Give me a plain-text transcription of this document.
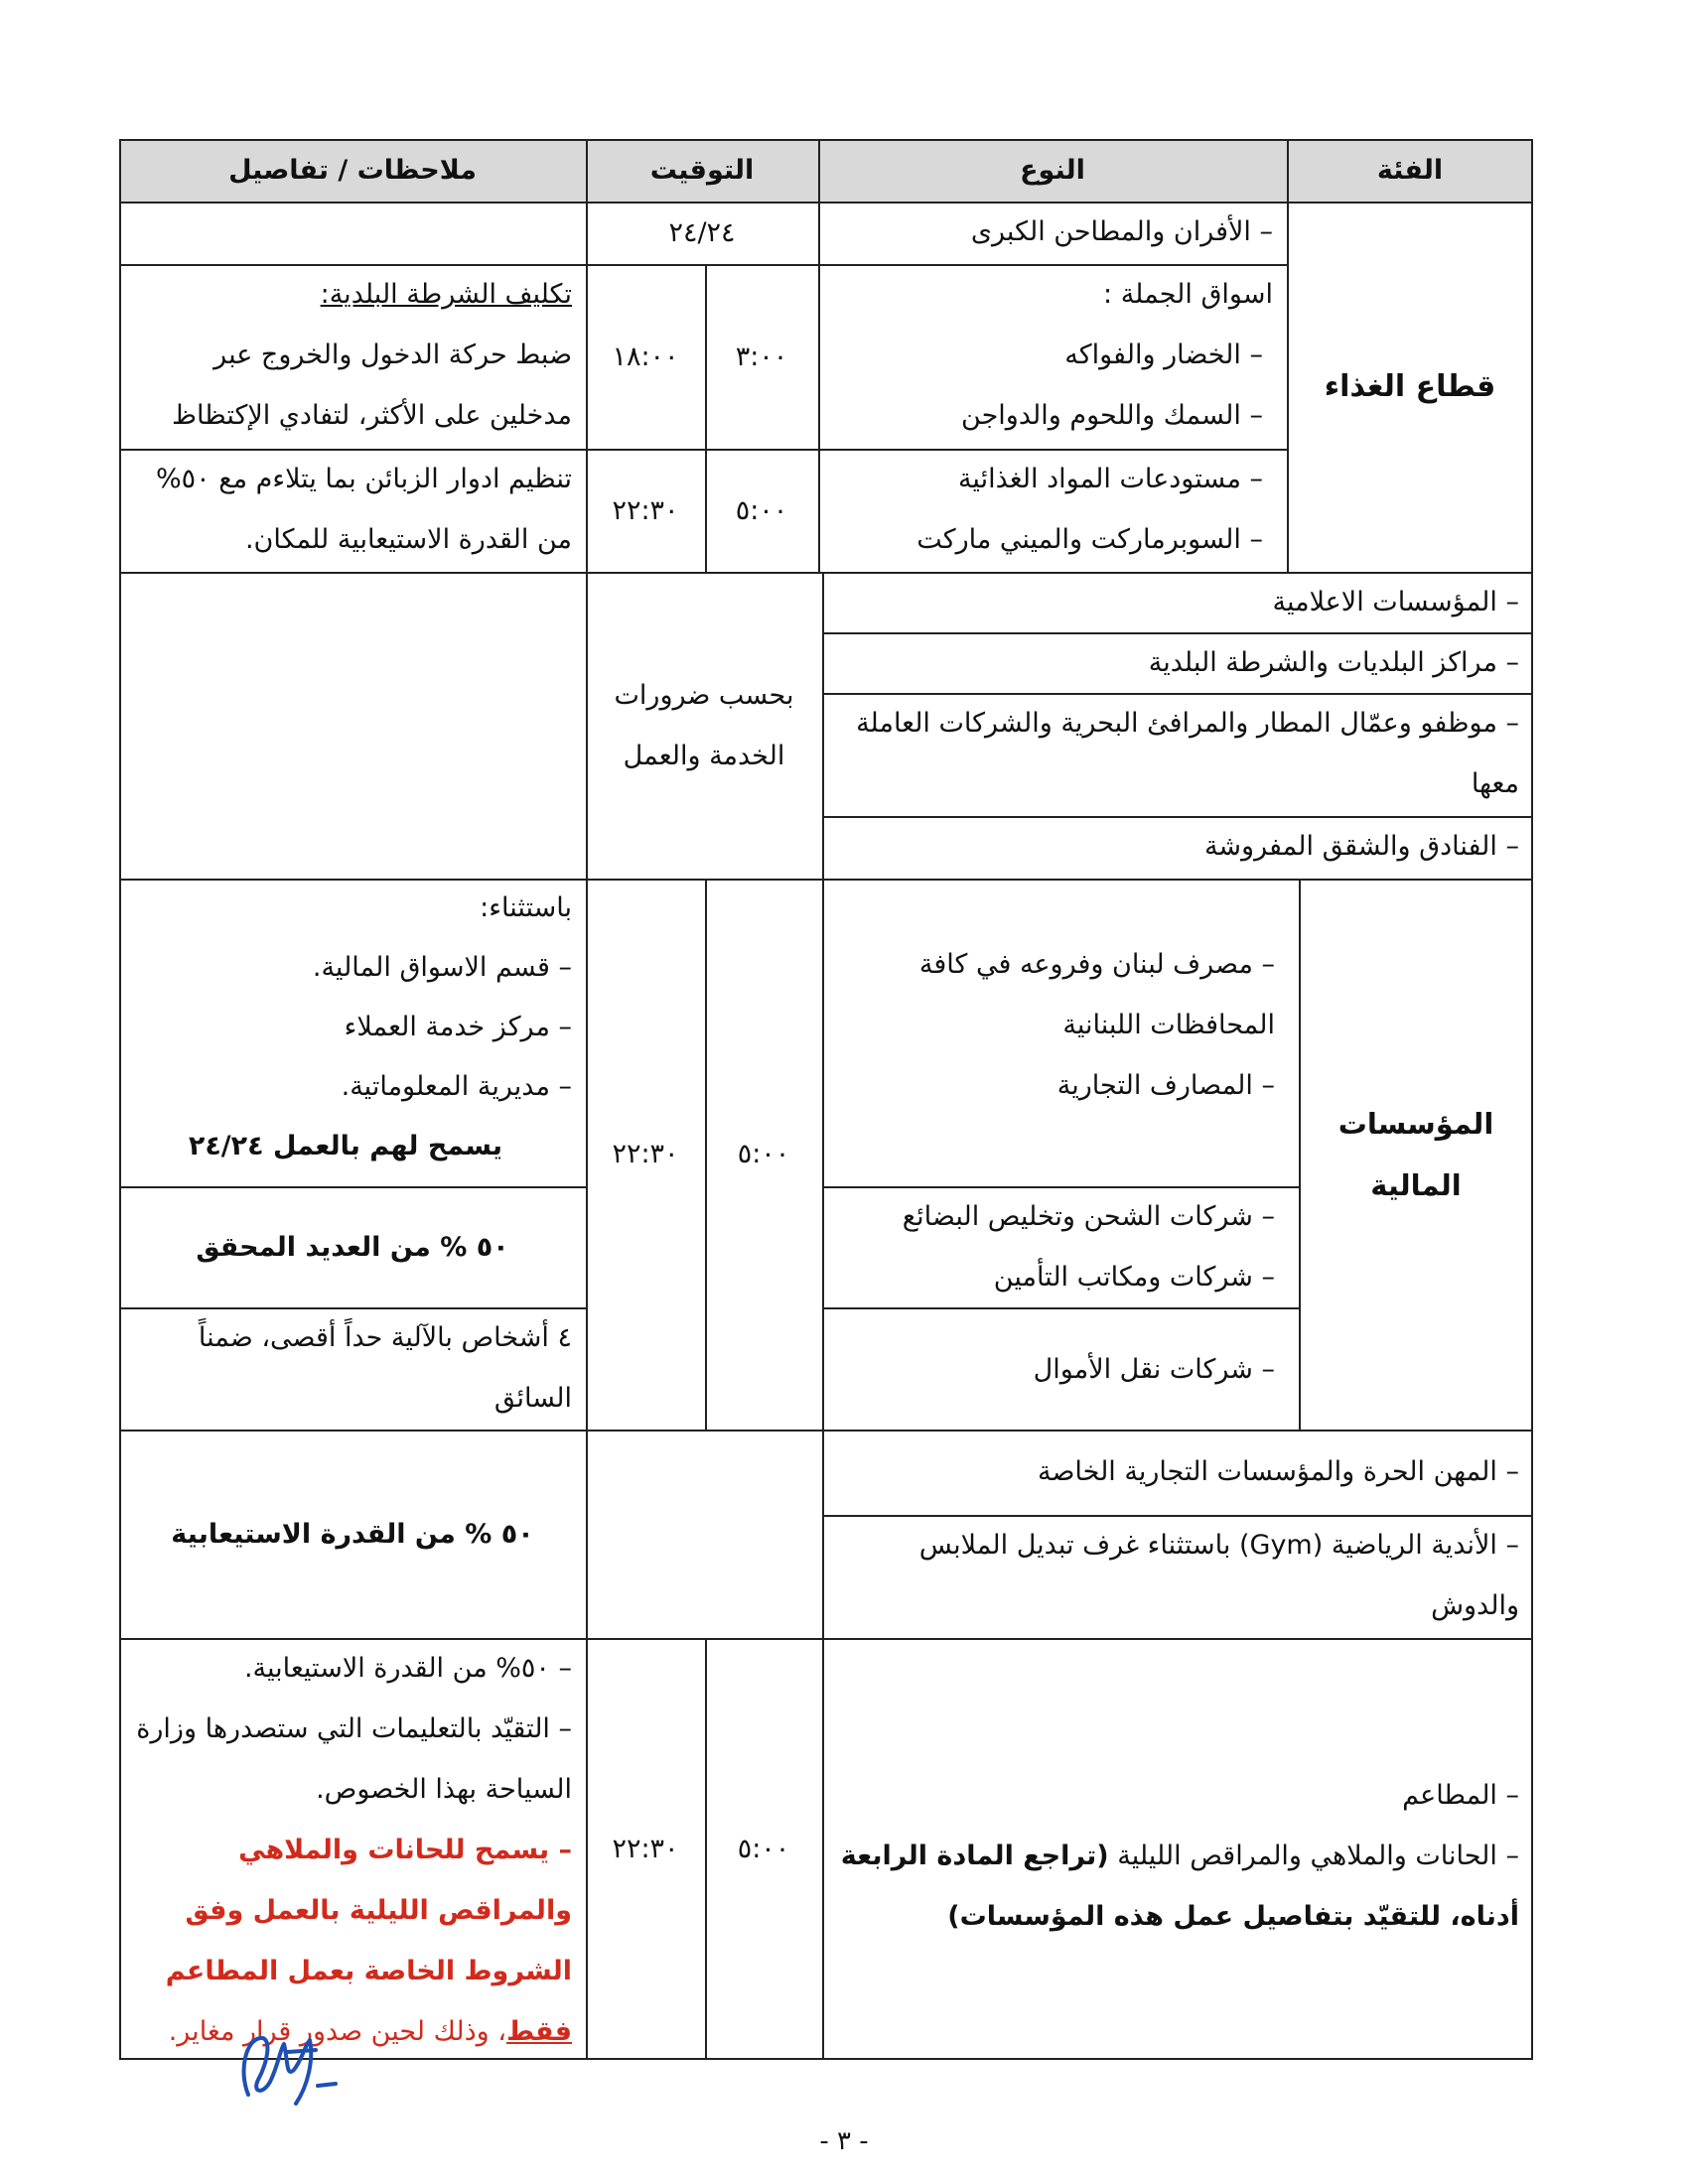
الفئة
النوع
التوقيت
ملاحظات / تفاصيل
قطاع الغذاء

– الأفران والمطاحن الكبرى

٢٤/٢٤

اسواق الجملة :

– الخضار والفواكه

– السمك واللحوم والدواجن

٣:٠٠
١٨:٠٠

تكليف الشرطة البلدية:

ضبط حركة الدخول والخروج عبر مدخلين على الأكثر، لتفادي الإكتظاظ

– مستودعات المواد الغذائية

– السوبرماركت والميني ماركت

٥:٠٠
٢٢:٣٠
تنظيم ادوار الزبائن بما يتلاءم مع ٥٠% من القدرة الاستيعابية للمكان.
– المؤسسات الاعلامية
– مراكز البلديات والشرطة البلدية
– موظفو وعمّال المطار والمرافئ البحرية والشركات العاملة معها
– الفنادق والشقق المفروشة
بحسب ضرورات الخدمة والعمل
المؤسسات
المالية

– مصرف لبنان وفروعه في كافة المحافظات اللبنانية

– المصارف التجارية

– شركات الشحن وتخليص البضائع

– شركات ومكاتب التأمين

– شركات نقل الأموال
٥:٠٠
٢٢:٣٠

باستثناء:

– قسم الاسواق المالية.

– مركز خدمة العملاء

– مديرية المعلوماتية.

يسمح لهم بالعمل ٢٤/٢٤

٥٠ % من العديد المحقق
٤ أشخاص بالآلية حداً أقصى، ضمناً السائق
– المهن الحرة والمؤسسات التجارية الخاصة
– الأندية الرياضية (Gym) باستثناء غرف تبديل الملابس والدوش
٥٠ % من القدرة الاستيعابية

– المطاعم

– الحانات والملاهي والمراقص الليلية (تراجع المادة الرابعة أدناه، للتقيّد بتفاصيل عمل هذه المؤسسات)

٥:٠٠
٢٢:٣٠

– ٥٠% من القدرة الاستيعابية.

– التقيّد بالتعليمات التي ستصدرها وزارة السياحة بهذا الخصوص.

– يسمح للحانات والملاهي والمراقص الليلية بالعمل وفق الشروط الخاصة بعمل المطاعم فقط، وذلك لحين صدور قرار مغاير.

- ٣ -
